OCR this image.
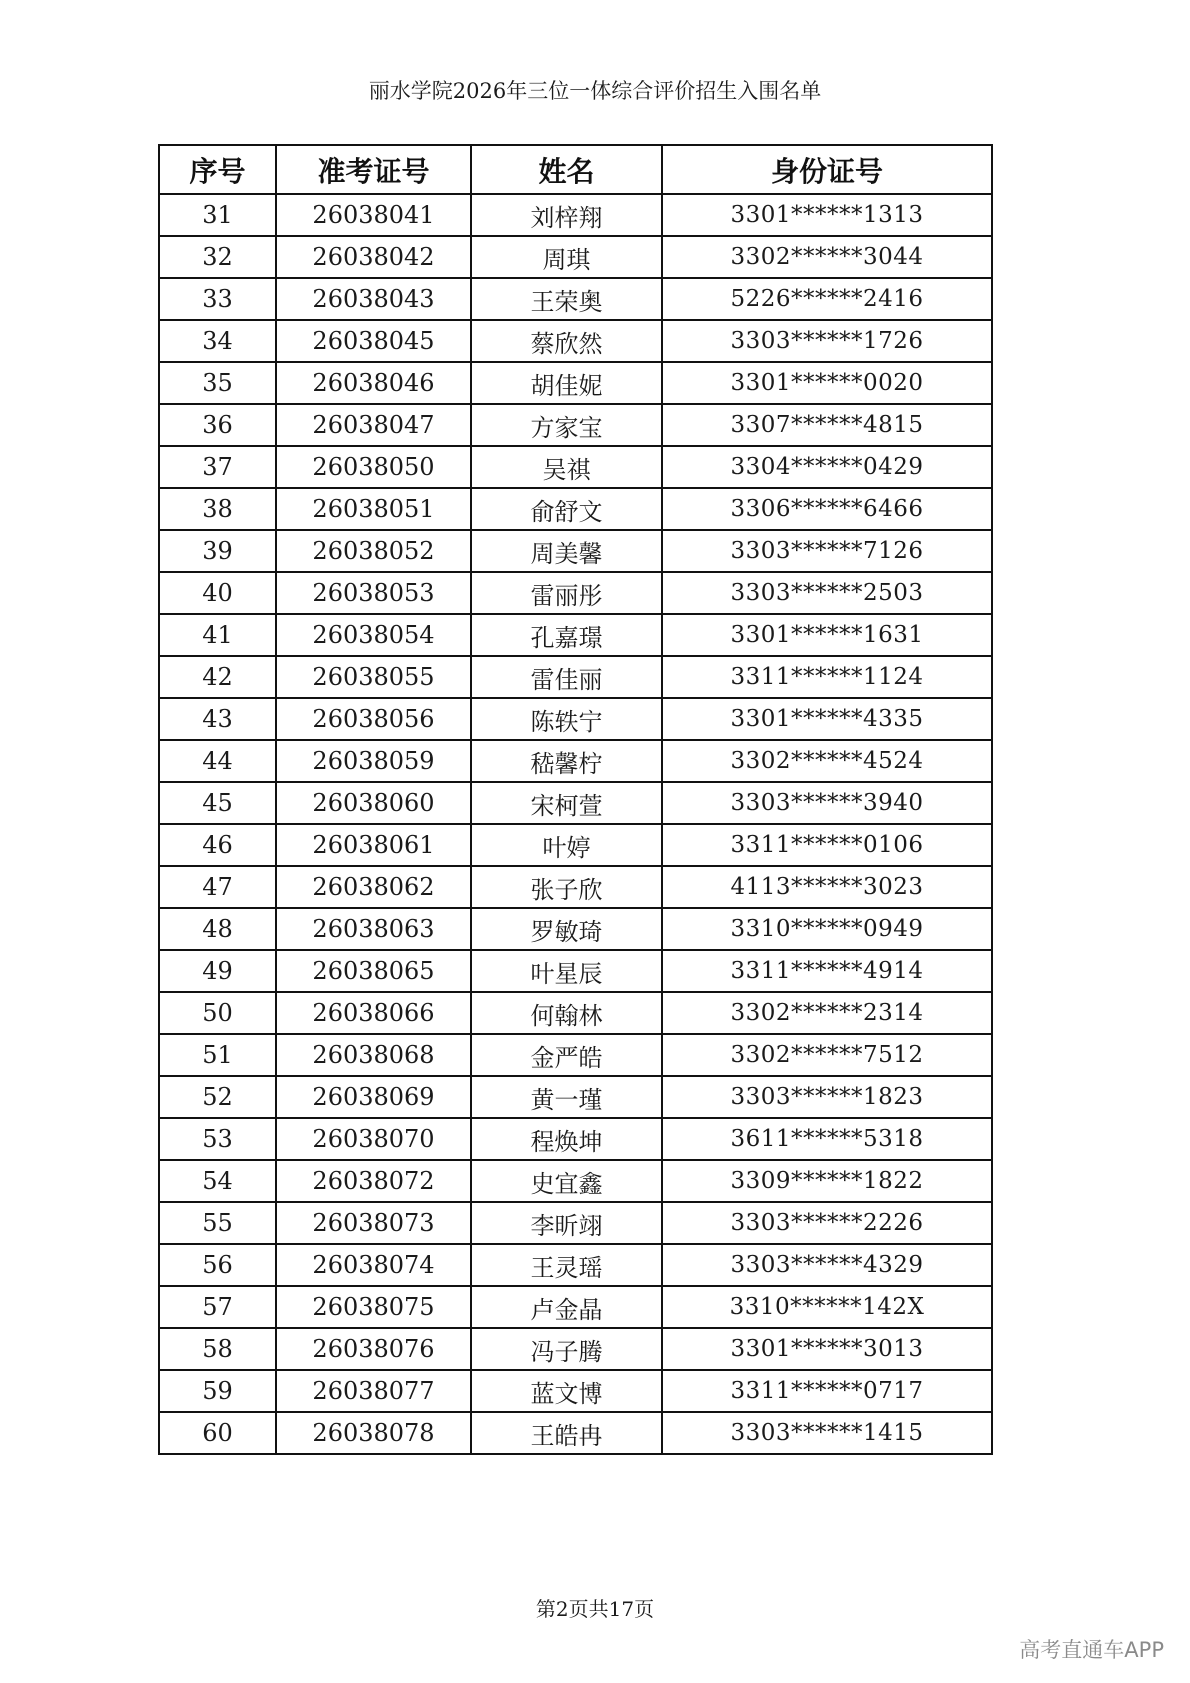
丽水学院2026年三位一体综合评价招生入围名单
序号	准考证号	姓名	身份证号
31	26038041	刘梓翔	3301******1313
32	26038042	周琪	3302******3044
33	26038043	王荣奥	5226******2416
34	26038045	蔡欣然	3303******1726
35	26038046	胡佳妮	3301******0020
36	26038047	方家宝	3307******4815
37	26038050	吴祺	3304******0429
38	26038051	俞舒文	3306******6466
39	26038052	周美馨	3303******7126
40	26038053	雷丽彤	3303******2503
41	26038054	孔嘉璟	3301******1631
42	26038055	雷佳丽	3311******1124
43	26038056	陈轶宁	3301******4335
44	26038059	嵇馨柠	3302******4524
45	26038060	宋柯萱	3303******3940
46	26038061	叶婷	3311******0106
47	26038062	张子欣	4113******3023
48	26038063	罗敏琦	3310******0949
49	26038065	叶星辰	3311******4914
50	26038066	何翰林	3302******2314
51	26038068	金严皓	3302******7512
52	26038069	黄一瑾	3303******1823
53	26038070	程焕坤	3611******5318
54	26038072	史宜鑫	3309******1822
55	26038073	李昕翊	3303******2226
56	26038074	王灵瑶	3303******4329
57	26038075	卢金晶	3310******142X
58	26038076	冯子腾	3301******3013
59	26038077	蓝文博	3311******0717
60	26038078	王皓冉	3303******1415
第2页共17页
高考直通车APP
